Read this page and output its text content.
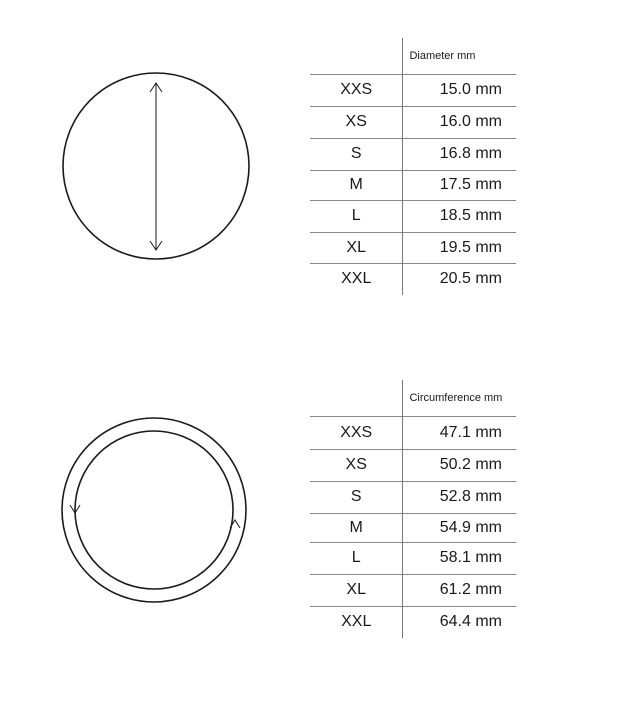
	Diameter mm
XXS	15.0 mm
XS	16.0 mm
S	16.8 mm
M	17.5 mm
L	18.5 mm
XL	19.5 mm
XXL	20.5 mm
	Circumference mm
XXS	47.1 mm
XS	50.2 mm
S	52.8 mm
M	54.9 mm
L	58.1 mm
XL	61.2 mm
XXL	64.4 mm
